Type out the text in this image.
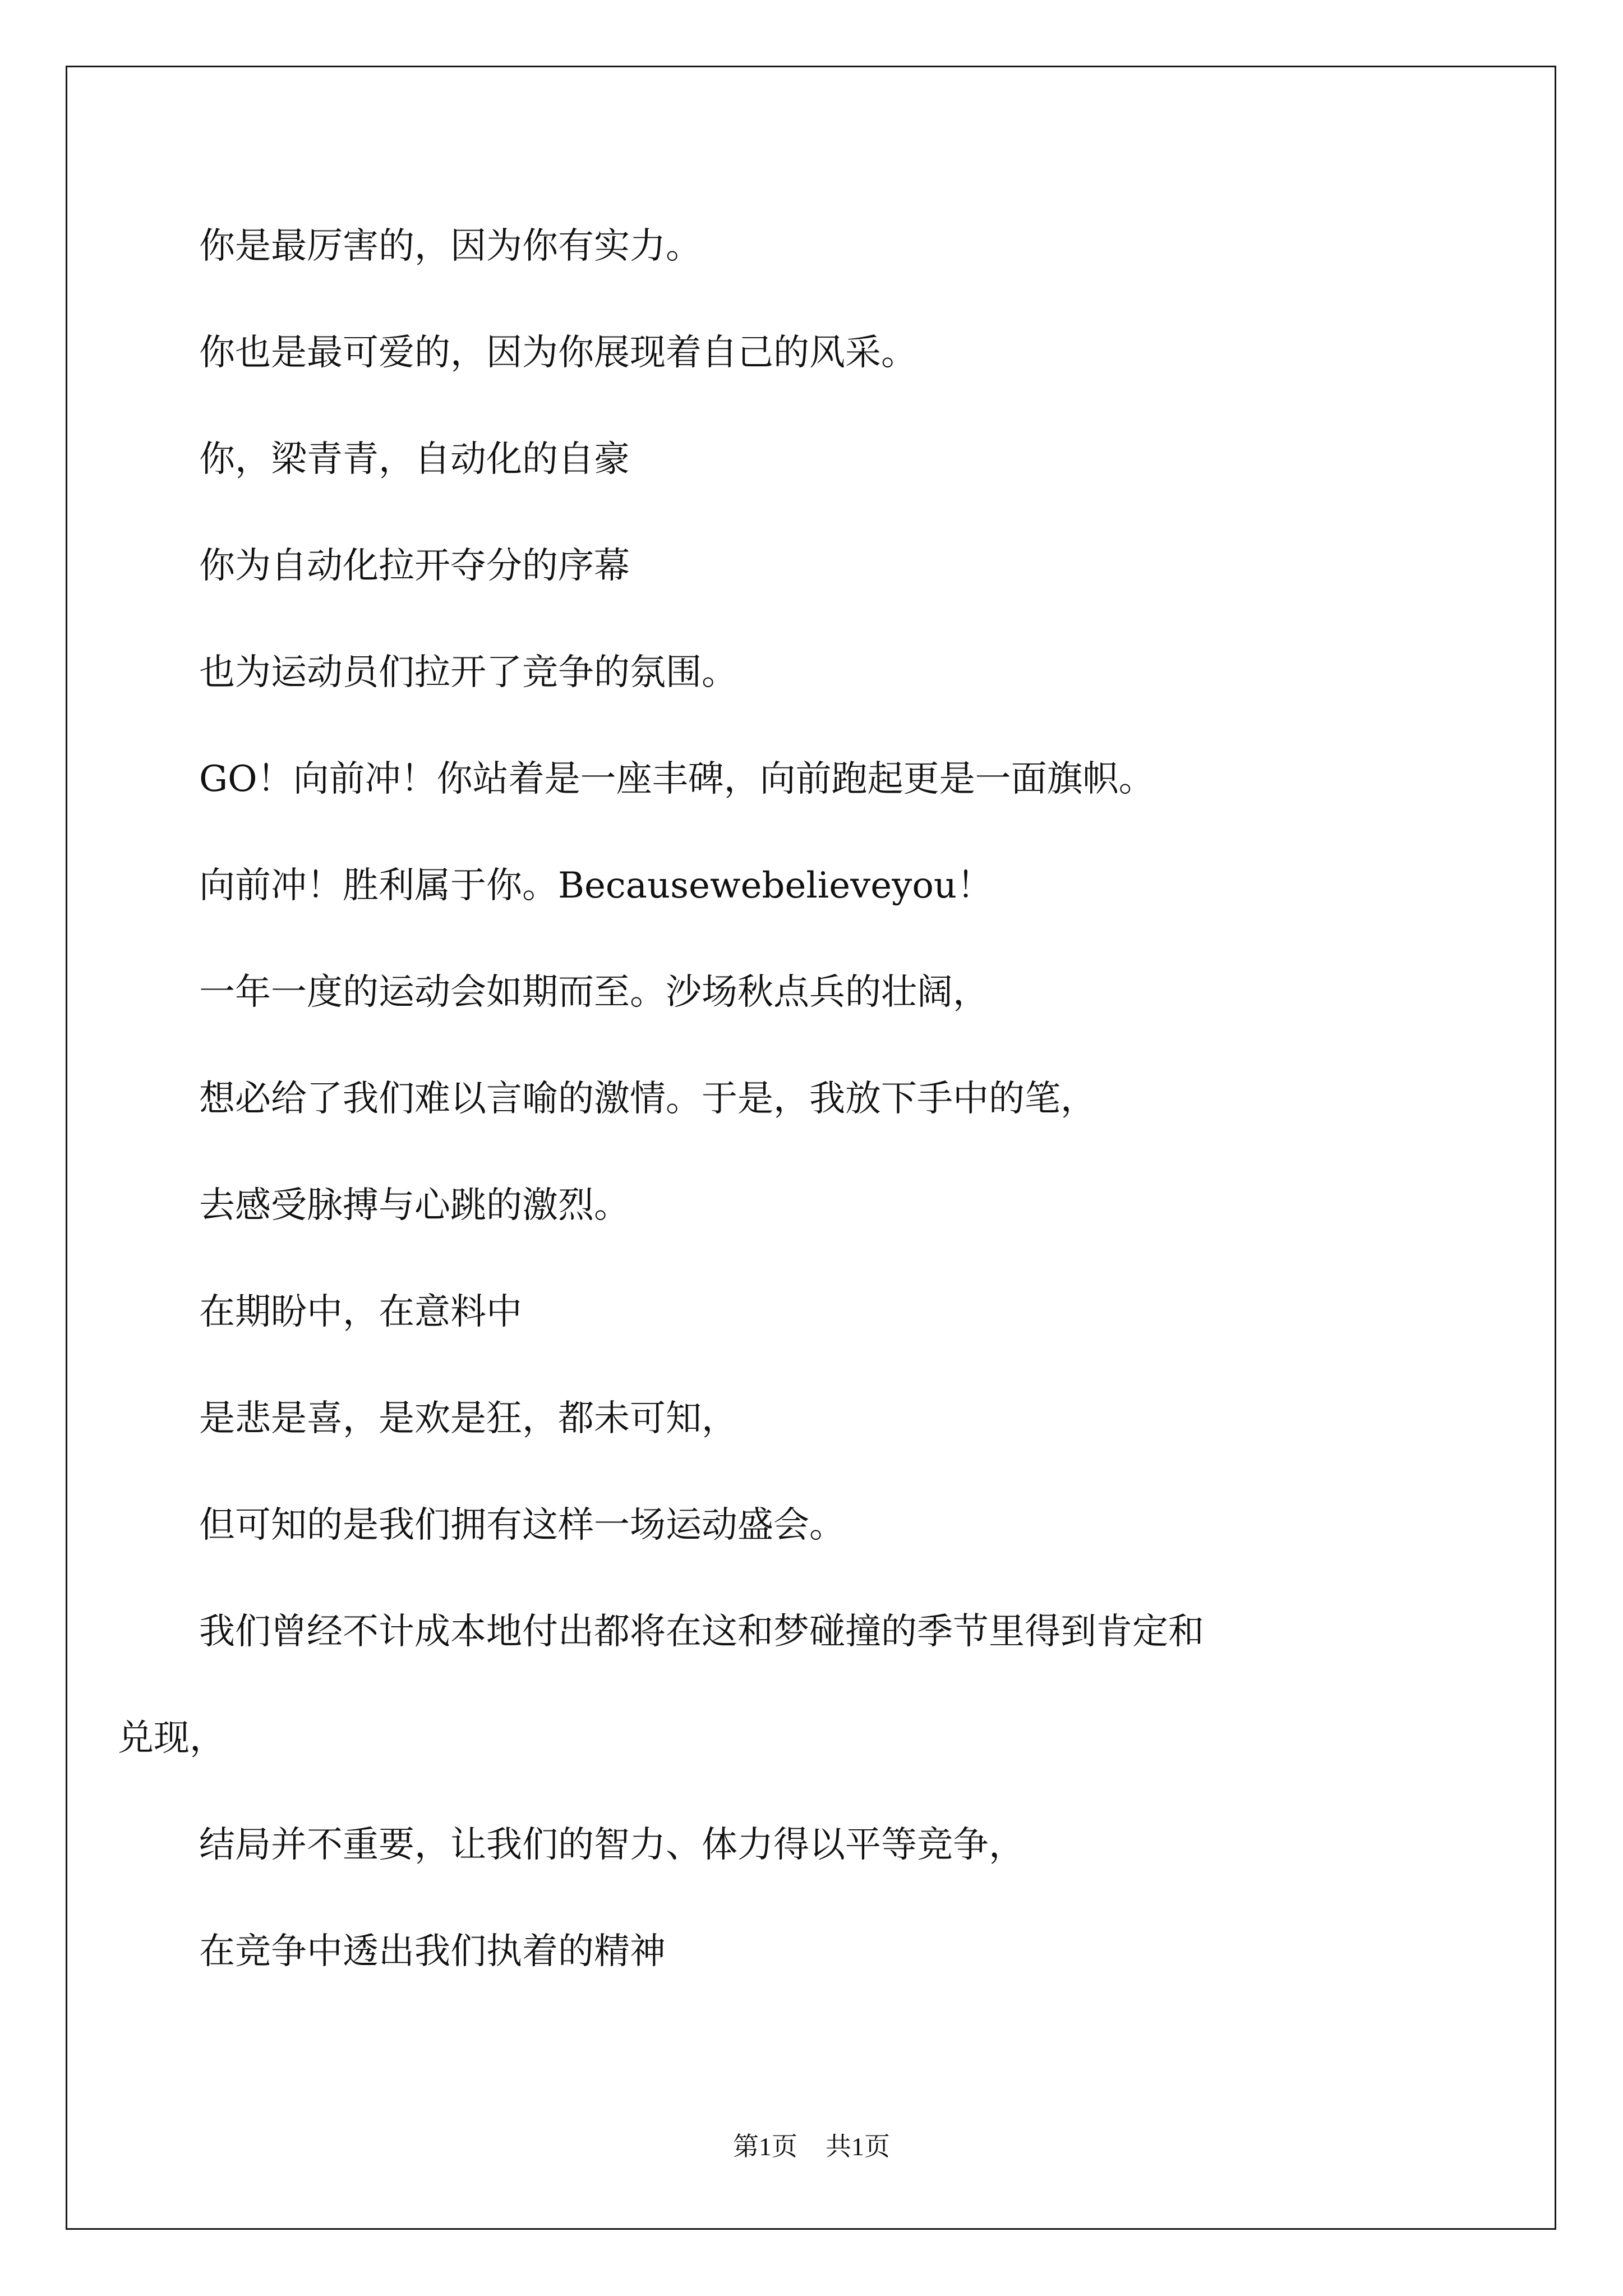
你是最厉害的，因为你有实力。

你也是最可爱的，因为你展现着自己的风采。

你，梁青青，自动化的自豪

你为自动化拉开夺分的序幕

也为运动员们拉开了竞争的氛围。

GO！向前冲！你站着是一座丰碑，向前跑起更是一面旗帜。

向前冲！胜利属于你。Becausewebelieveyou！

一年一度的运动会如期而至。沙场秋点兵的壮阔，

想必给了我们难以言喻的激情。于是，我放下手中的笔，

去感受脉搏与心跳的激烈。

在期盼中，在意料中

是悲是喜，是欢是狂，都未可知，

但可知的是我们拥有这样一场运动盛会。

我们曾经不计成本地付出都将在这和梦碰撞的季节里得到肯定和

兑现，

结局并不重要，让我们的智力、体力得以平等竞争，

在竞争中透出我们执着的精神

第1页 共1页
